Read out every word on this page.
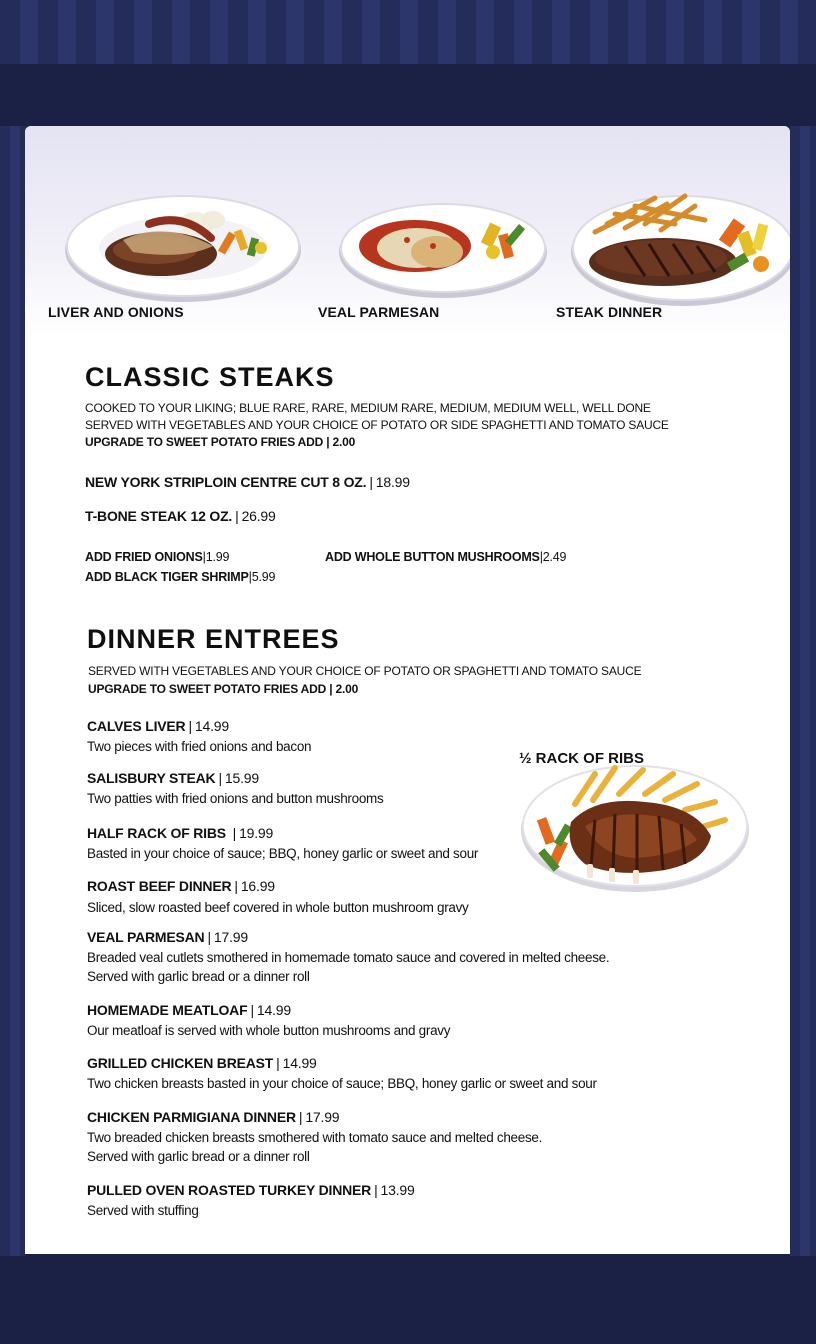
LIVER AND ONIONS	VEAL PARMESAN	STEAK DINNER
CLASSIC STEAKS
COOKED TO YOUR LIKING; BLUE RARE, RARE, MEDIUM RARE, MEDIUM, MEDIUM WELL, WELL DONE
SERVED WITH VEGETABLES AND YOUR CHOICE OF POTATO OR SIDE SPAGHETTI AND TOMATO SAUCE
UPGRADE TO SWEET POTATO FRIES ADD | 2.00
NEW YORK STRIPLOIN CENTRE CUT 8 OZ. | 18.99
T-BONE STEAK 12 OZ. | 26.99
ADD FRIED ONIONS|1.99	ADD WHOLE BUTTON MUSHROOMS|2.49
ADD BLACK TIGER SHRIMP|5.99
DINNER ENTREES
SERVED WITH VEGETABLES AND YOUR CHOICE OF POTATO OR SPAGHETTI AND TOMATO SAUCE
UPGRADE TO SWEET POTATO FRIES ADD | 2.00
½ RACK OF RIBS
CALVES LIVER | 14.99
Two pieces with fried onions and bacon
SALISBURY STEAK | 15.99
Two patties with fried onions and button mushrooms
HALF RACK OF RIBS | 19.99
Basted in your choice of sauce; BBQ, honey garlic or sweet and sour
ROAST BEEF DINNER | 16.99
Sliced, slow roasted beef covered in whole button mushroom gravy
VEAL PARMESAN | 17.99
Breaded veal cutlets smothered in homemade tomato sauce and covered in melted cheese.
Served with garlic bread or a dinner roll
HOMEMADE MEATLOAF | 14.99
Our meatloaf is served with whole button mushrooms and gravy
GRILLED CHICKEN BREAST | 14.99
Two chicken breasts basted in your choice of sauce; BBQ, honey garlic or sweet and sour
CHICKEN PARMIGIANA DINNER | 17.99
Two breaded chicken breasts smothered with tomato sauce and melted cheese.
Served with garlic bread or a dinner roll
PULLED OVEN ROASTED TURKEY DINNER | 13.99
Served with stuffing
